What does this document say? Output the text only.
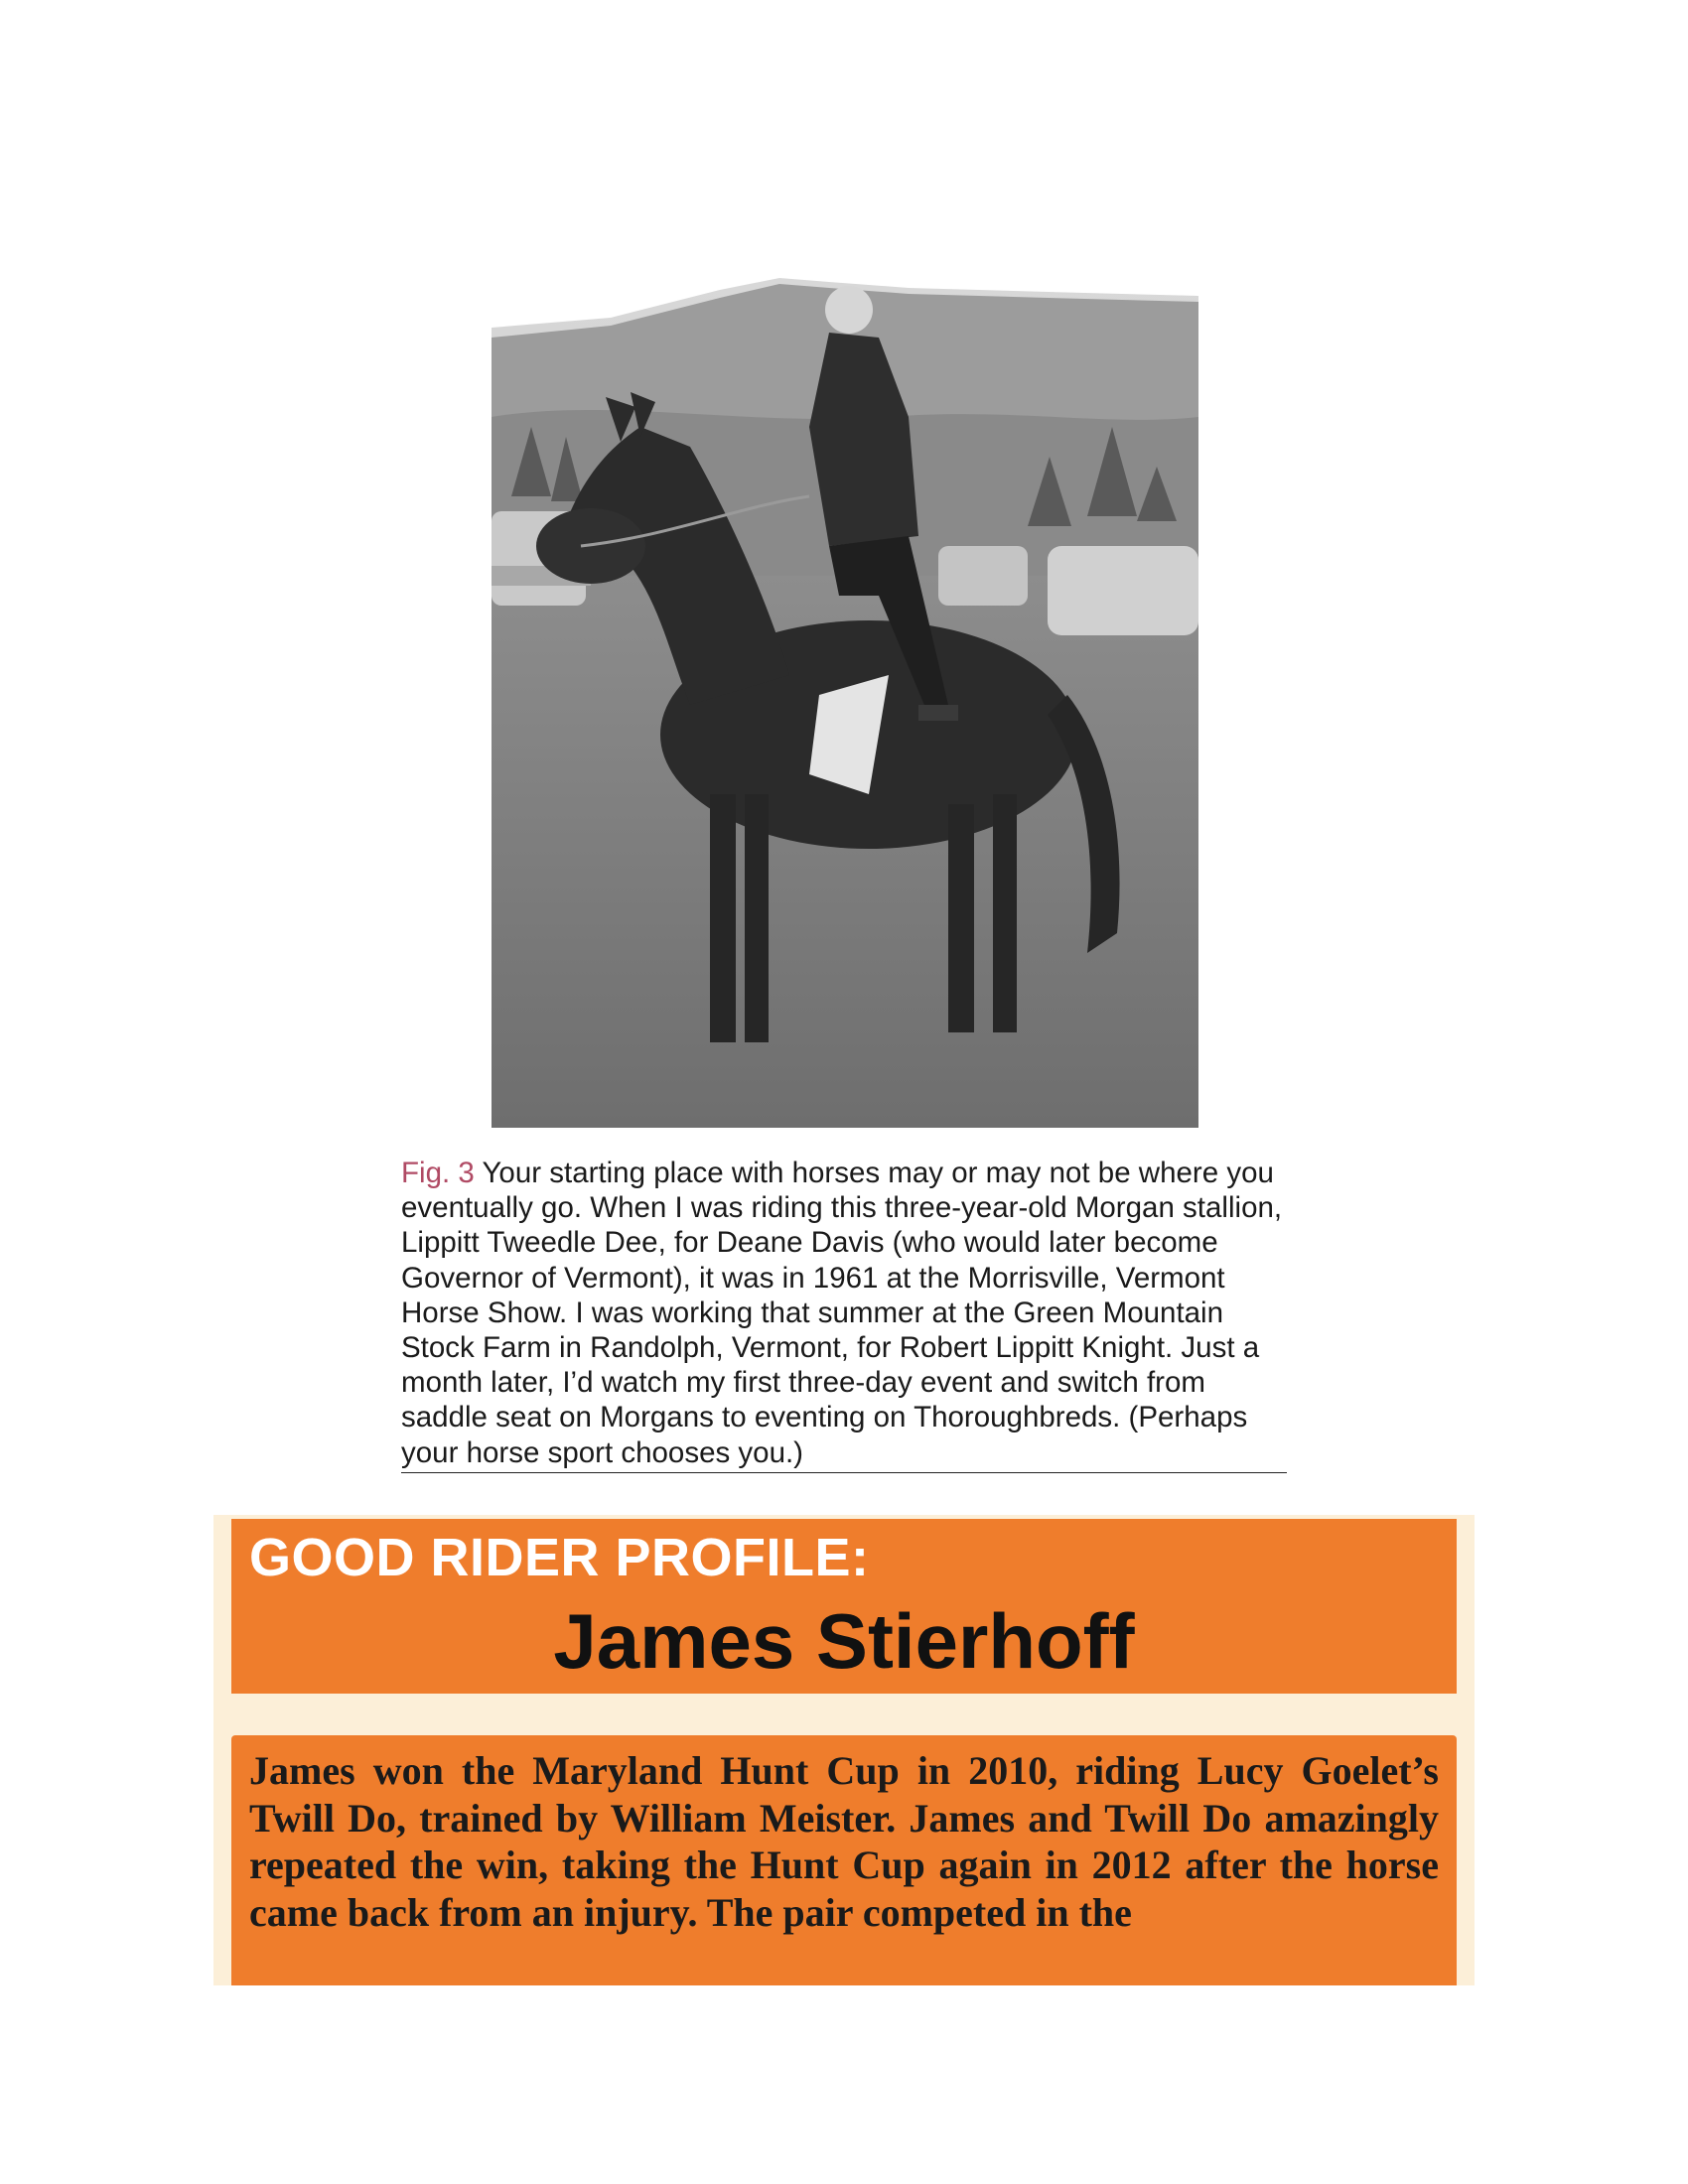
Fig. 3 Your starting place with horses may or may not be where you eventually go. When I was riding this three-year-old Morgan stallion, Lippitt Tweedle Dee, for Deane Davis (who would later become Governor of Vermont), it was in 1961 at the Morrisville, Vermont Horse Show. I was working that summer at the Green Mountain Stock Farm in Randolph, Vermont, for Robert Lippitt Knight. Just a month later, I’d watch my first three-day event and switch from saddle seat on Morgans to eventing on Thoroughbreds. (Perhaps your horse sport chooses you.)
GOOD RIDER PROFILE:
James Stierhoff
James won the Maryland Hunt Cup in 2010, riding Lucy Goelet’s Twill Do, trained by William Meister. James and Twill Do amazingly repeated the win, taking the Hunt Cup again in 2012 after the horse came back from an injury. The pair competed in the
